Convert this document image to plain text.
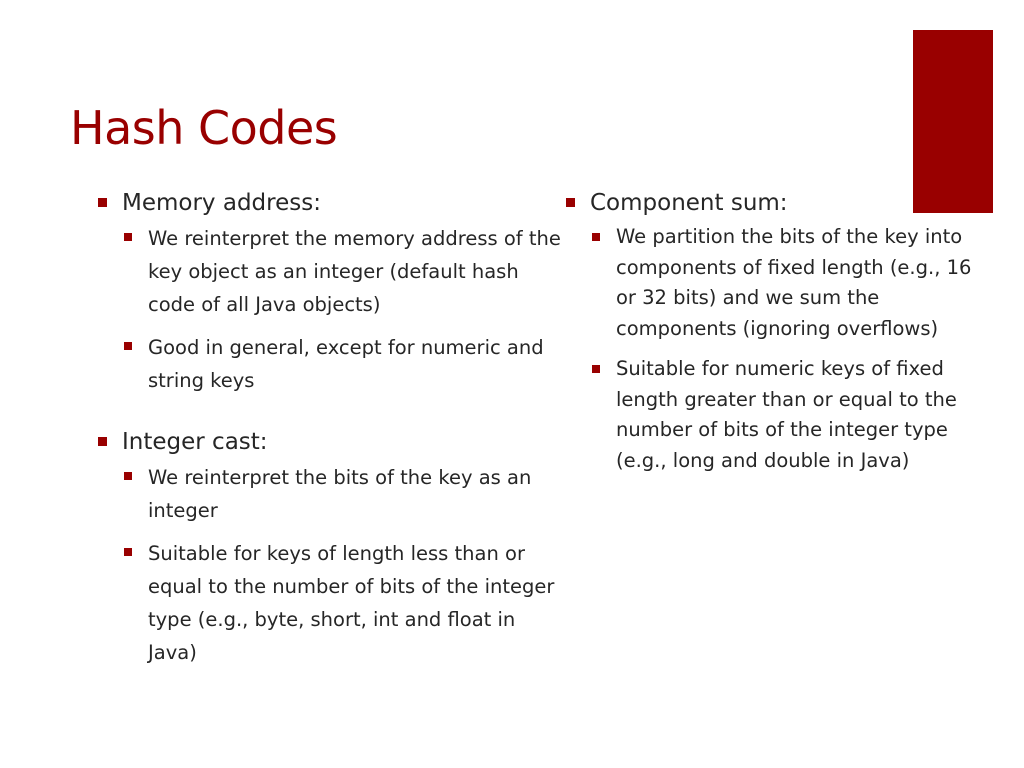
Hash Codes
Memory address:
We reinterpret the memory address of the key object as an integer (default hash code of all Java objects)
Good in general, except for numeric and string keys
Integer cast:
We reinterpret the bits of the key as an integer
Suitable for keys of length less than or equal to the number of bits of the integer type (e.g., byte, short, int and float in Java)
Component sum:
We partition the bits of the key into components of fixed length (e.g., 16 or 32 bits) and we sum the components (ignoring overflows)
Suitable for numeric keys of fixed length greater than or equal to the number of bits of the integer type (e.g., long and double in Java)
